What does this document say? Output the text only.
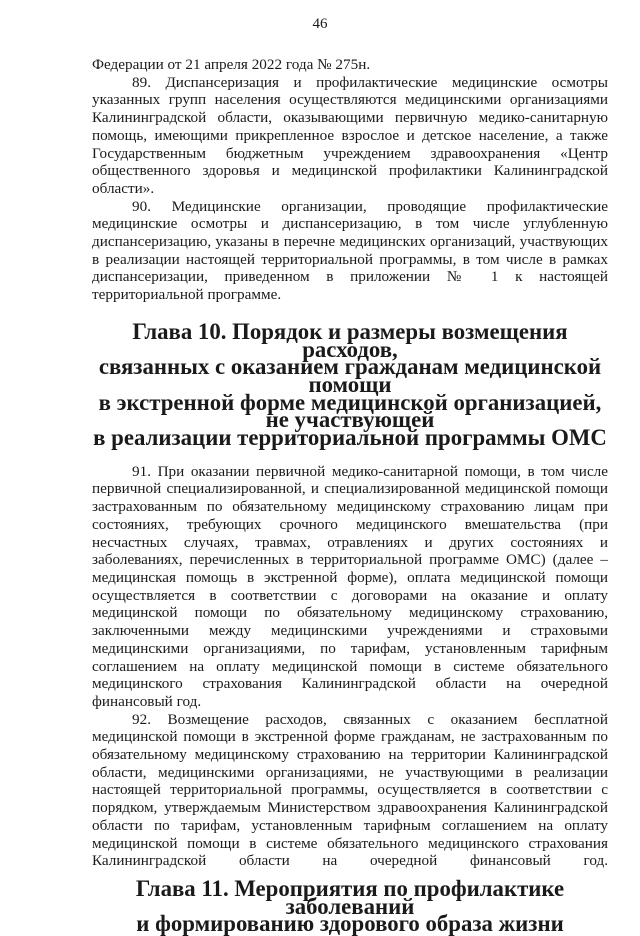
46

Федерации от 21 апреля 2022 года № 275н.

89. Диспансеризация и профилактические медицинские осмотры указанных групп населения осуществляются медицинскими организациями Калининградской области, оказывающими первичную медико-санитарную помощь, имеющими прикрепленное взрослое и детское население, а также Государственным бюджетным учреждением здравоохранения «Центр общественного здоровья и медицинской профилактики Калининградской области».

90. Медицинские организации, проводящие профилактические медицинские осмотры и диспансеризацию, в том числе углубленную диспансеризацию, указаны в перечне медицинских организаций, участвующих в реализации настоящей территориальной программы, в том числе в рамках диспансеризации, приведенном в приложении № 1 к настоящей территориальной программе.

Глава 10. Порядок и размеры возмещения расходов,
связанных с оказанием гражданам медицинской помощи
в экстренной форме медицинской организацией, не участвующей
в реализации территориальной программы ОМС

91. При оказании первичной медико-санитарной помощи, в том числе первичной специализированной, и специализированной медицинской помощи застрахованным по обязательному медицинскому страхованию лицам при состояниях, требующих срочного медицинского вмешательства (при несчастных случаях, травмах, отравлениях и других состояниях и заболеваниях, перечисленных в территориальной программе ОМС) (далее – медицинская помощь в экстренной форме), оплата медицинской помощи осуществляется в соответствии с договорами на оказание и оплату медицинской помощи по обязательному медицинскому страхованию, заключенными между медицинскими учреждениями и страховыми медицинскими организациями, по тарифам, установленным тарифным соглашением на оплату медицинской помощи в системе обязательного медицинского страхования Калининградской области на очередной финансовый год.

92. Возмещение расходов, связанных с оказанием бесплатной медицинской помощи в экстренной форме гражданам, не застрахованным по обязательному медицинскому страхованию на территории Калининградской области, медицинскими организациями, не участвующими в реализации настоящей территориальной программы, осуществляется в соответствии с порядком, утверждаемым Министерством здравоохранения Калининградской области по тарифам, установленным тарифным соглашением на оплату медицинской помощи в системе обязательного медицинского страхования Калининградской области на очередной финансовый год.

Глава 11. Мероприятия по профилактике заболеваний
и формированию здорового образа жизни
